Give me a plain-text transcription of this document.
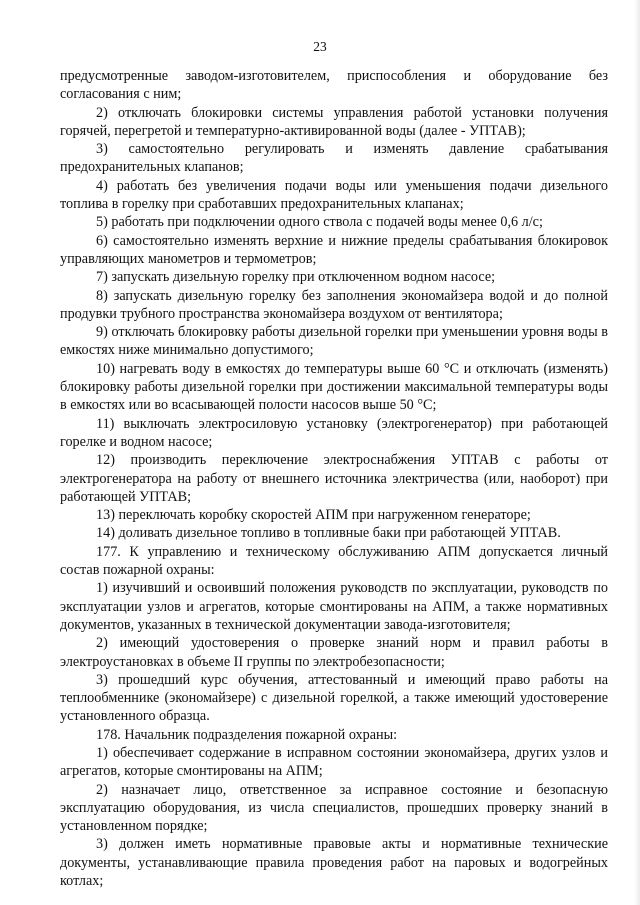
23

предусмотренные заводом-изготовителем, приспособления и оборудование без согласования с ним;

2) отключать блокировки системы управления работой установки получения горячей, перегретой и температурно-активированной воды (далее - УПТАВ);

3) самостоятельно регулировать и изменять давление срабатывания предохранительных клапанов;

4) работать без увеличения подачи воды или уменьшения подачи дизельного топлива в горелку при сработавших предохранительных клапанах;

5) работать при подключении одного ствола с подачей воды менее 0,6 л/с;

6) самостоятельно изменять верхние и нижние пределы срабатывания блокировок управляющих манометров и термометров;

7) запускать дизельную горелку при отключенном водном насосе;

8) запускать дизельную горелку без заполнения экономайзера водой и до полной продувки трубного пространства экономайзера воздухом от вентилятора;

9) отключать блокировку работы дизельной горелки при уменьшении уровня воды в емкостях ниже минимально допустимого;

10) нагревать воду в емкостях до температуры выше 60 °С и отключать (изменять) блокировку работы дизельной горелки при достижении максимальной температуры воды в емкостях или во всасывающей полости насосов выше 50 °С;

11) выключать электросиловую установку (электрогенератор) при работающей горелке и водном насосе;

12) производить переключение электроснабжения УПТАВ с работы от электрогенератора на работу от внешнего источника электричества (или, наоборот) при работающей УПТАВ;

13) переключать коробку скоростей АПМ при нагруженном генераторе;

14) доливать дизельное топливо в топливные баки при работающей УПТАВ.

177. К управлению и техническому обслуживанию АПМ допускается личный состав пожарной охраны:

1) изучивший и освоивший положения руководств по эксплуатации, руководств по эксплуатации узлов и агрегатов, которые смонтированы на АПМ, а также нормативных документов, указанных в технической документации завода-изготовителя;

2) имеющий удостоверения о проверке знаний норм и правил работы в электроустановках в объеме II группы по электробезопасности;

3) прошедший курс обучения, аттестованный и имеющий право работы на теплообменнике (экономайзере) с дизельной горелкой, а также имеющий удостоверение установленного образца.

178. Начальник подразделения пожарной охраны:

1) обеспечивает содержание в исправном состоянии экономайзера, других узлов и агрегатов, которые смонтированы на АПМ;

2) назначает лицо, ответственное за исправное состояние и безопасную эксплуатацию оборудования, из числа специалистов, прошедших проверку знаний в установленном порядке;

3) должен иметь нормативные правовые акты и нормативные технические документы, устанавливающие правила проведения работ на паровых и водогрейных котлах;
